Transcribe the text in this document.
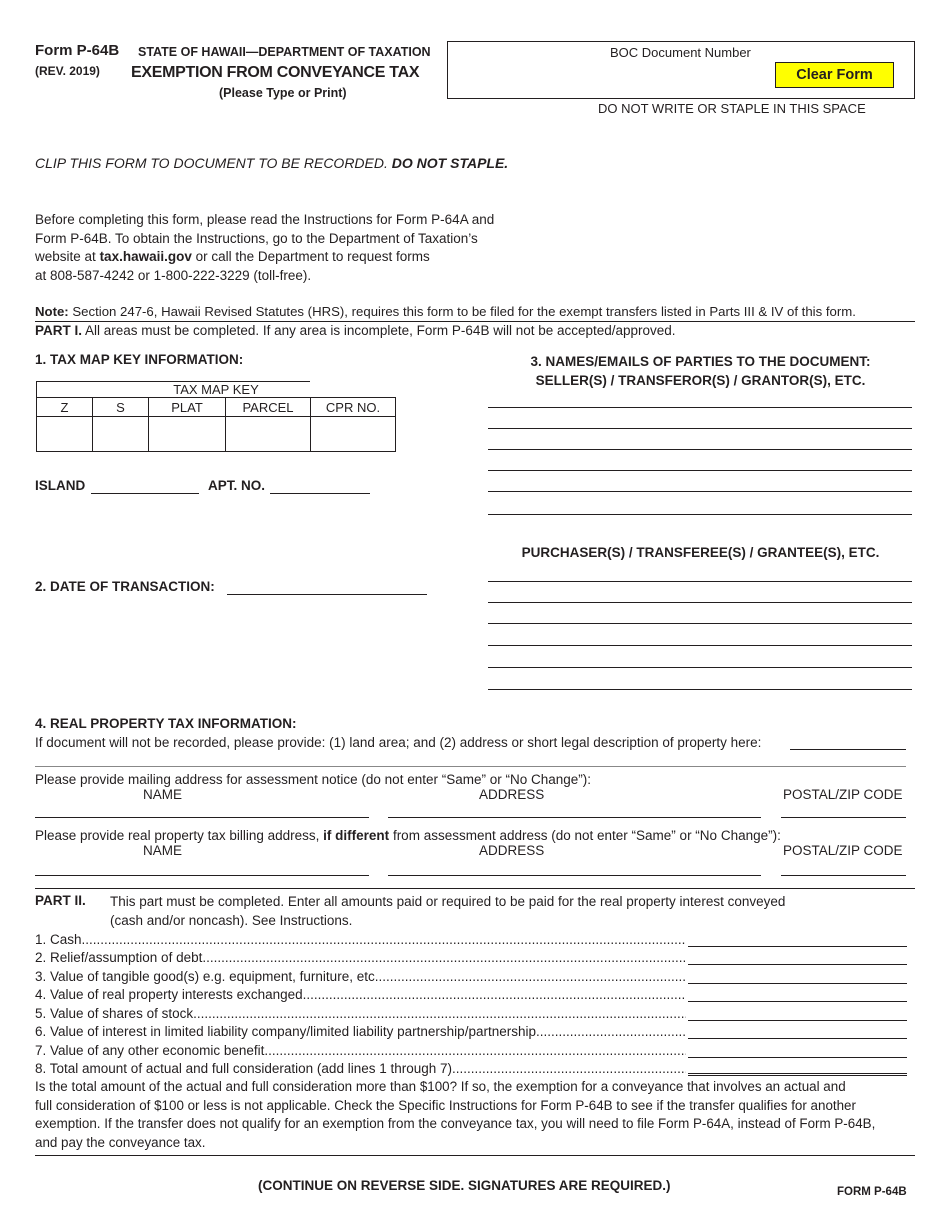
Form P-64B
(REV. 2019)
STATE OF HAWAII—DEPARTMENT OF TAXATION
EXEMPTION FROM CONVEYANCE TAX
(Please Type or Print)
BOC Document Number
Clear Form
DO NOT WRITE OR STAPLE IN THIS SPACE
CLIP THIS FORM TO DOCUMENT TO BE RECORDED. DO NOT STAPLE.
Before completing this form, please read the Instructions for Form P-64A and
Form P-64B. To obtain the Instructions, go to the Department of Taxation’s
website at tax.hawaii.gov or call the Department to request forms
at 808-587-4242 or 1-800-222-3229 (toll-free).
Note: Section 247-6, Hawaii Revised Statutes (HRS), requires this form to be filed for the exempt transfers listed in Parts III & IV of this form.
PART I. All areas must be completed. If any area is incomplete, Form P-64B will not be accepted/approved.
1. TAX MAP KEY INFORMATION:
TAX MAP KEY				
Z	S	PLAT	PARCEL	CPR NO.

ISLAND	APT. NO.
2. DATE OF TRANSACTION:
3. NAMES/EMAILS OF PARTIES TO THE DOCUMENT:
SELLER(S) / TRANSFEROR(S) / GRANTOR(S), ETC.
PURCHASER(S) / TRANSFEREE(S) / GRANTEE(S), ETC.
4. REAL PROPERTY TAX INFORMATION:
If document will not be recorded, please provide: (1) land area; and (2) address or short legal description of property here:
Please provide mailing address for assessment notice (do not enter “Same” or “No Change”):
NAME	ADDRESS	POSTAL/ZIP CODE
Please provide real property tax billing address, if different from assessment address (do not enter “Same” or “No Change”):
NAME	ADDRESS	POSTAL/ZIP CODE
PART II. This part must be completed. Enter all amounts paid or required to be paid for the real property interest conveyed
(cash and/or noncash). See Instructions.
1. Cash
.....
2. Relief/assumption of debt
.....
3. Value of tangible good(s) e.g. equipment, furniture, etc.
.....
4. Value of real property interests exchanged
.....
5. Value of shares of stock
.....
6. Value of interest in limited liability company/limited liability partnership/partnership
.....
7. Value of any other economic benefit
.....
8. Total amount of actual and full consideration (add lines 1 through 7)
.....
Is the total amount of the actual and full consideration more than $100? If so, the exemption for a conveyance that involves an actual and
full consideration of $100 or less is not applicable. Check the Specific Instructions for Form P-64B to see if the transfer qualifies for another
exemption. If the transfer does not qualify for an exemption from the conveyance tax, you will need to file Form P-64A, instead of Form P-64B,
and pay the conveyance tax.
(CONTINUE ON REVERSE SIDE. SIGNATURES ARE REQUIRED.)	FORM P-64B
